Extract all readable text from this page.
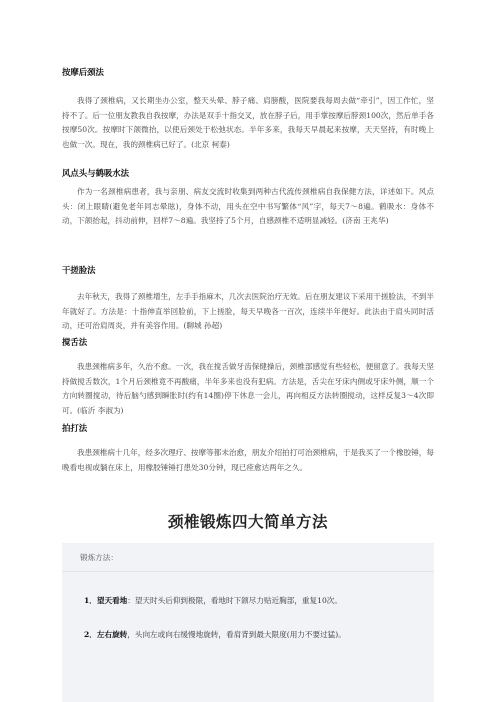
按摩后颈法

我得了颈椎病，又长期坐办公室，整天头晕、脖子痛、肩膀酸，医院要我每周去做“牵引”，因工作忙，坚持不了。后一位朋友教我自我按摩，办法是双手十指交叉，放在脖子后，用手掌按摩后脖颈100次，然后单手各按摩50次。按摩时下颌微抬，以使后颈处于松弛状态。半年多来，我每天早晨起来按摩，天天坚持，有时晚上也做一次。现在，我的颈椎病已好了。(北京 柯泰)

风点头与鹤吸水法

作为一名颈椎病患者，我与亲朋、病友交流时收集到两种古代流传颈椎病自我保健方法，详述如下。风点头：闭上眼睛(避免老年同志晕眩)，身体不动，用头在空中书写繁体“风”字，每天7～8遍。鹤吸水：身体不动，下颌抬起，抖动前伸，回样7～8遍。我坚持了5个月，自感颈椎不适明显减轻。(济南 王兆华)

干搓脸法

去年秋天，我得了颈椎增生，左手手指麻木，几次去医院治疗无效。后在朋友建议下采用干搓脸法，不到半年就好了。方法是：十指伸直举回脸前，下上搓脸，每天早晚各一百次，连续半年便好。此法由于肩头同时活动，还可治肩周炎，并有美容作用。(聊城 孙超)

搅舌法

我患颈椎病多年，久治不愈。一次，我在搅舌做牙齿保健操后，颈椎部感觉有些轻松，便留意了。我每天坚持做搅舌数次，1个月后颈椎竟不再酸痛，半年多来也没有犯病。方法是，舌尖在牙床内侧或牙床外侧，顺一个方向转圈搅动，待后脑勺感到瞬胀时(约有14圈)停下休息一会儿，再向相反方法转圈搅动，这样反复3～4次即可。(临沂 李淑为)

拍打法

我患颈椎病十几年，经多次理疗、按摩等都未治愈，朋友介绍拍打可治颈椎病，于是我买了一个橡胶锤，每晚看电视或躺在床上，用橡胶锤锤打患处30分钟，现已痊愈达两年之久。

颈椎锻炼四大简单方法
锻炼方法：
1．望天看地：望天时头后仰到极限，看地时下颌尽力贴近胸部，重复10次。
2．左右旋转，头向左或向右缓慢地旋转，看肩背到最大限度(用力不要过猛)。
